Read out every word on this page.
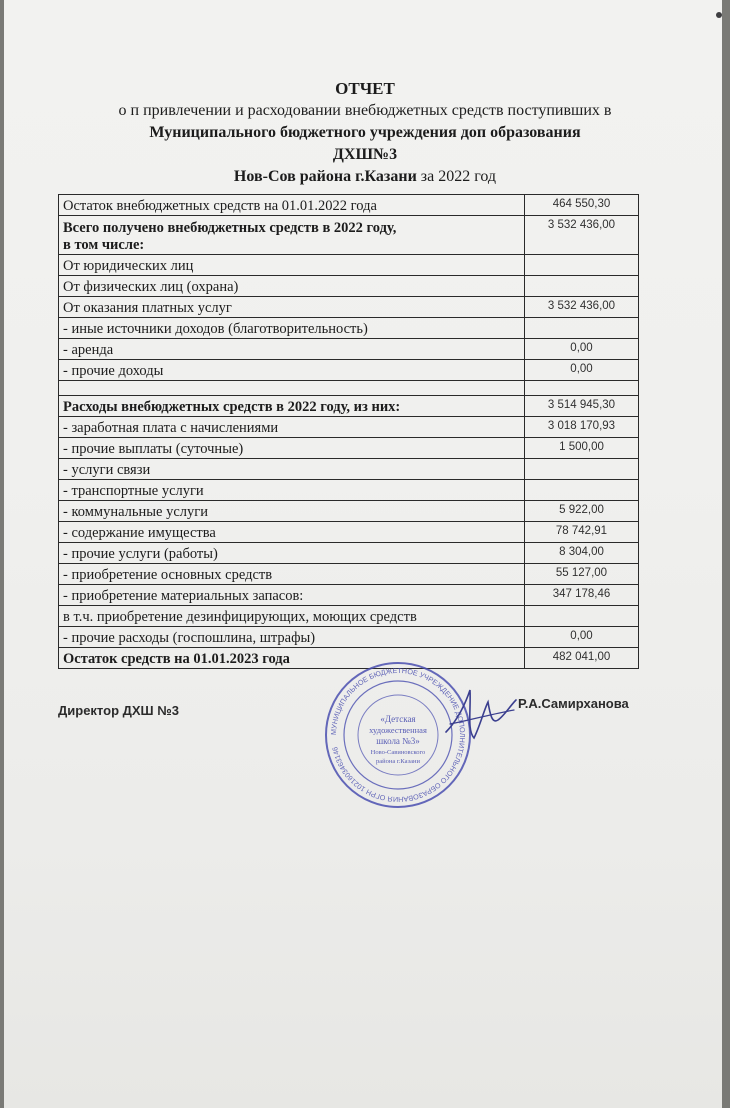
ОТЧЕТ
о п привлечении и расходовании внебюджетных средств поступивших в
Муниципального бюджетного учреждения доп образования
ДХШ№3
Нов-Сов района г.Казани за 2022 год
Остаток внебюджетных средств на 01.01.2022 года	464 550,30
Всего получено внебюджетных средств в 2022 году,
в том числе:	3 532 436,00
От юридических лиц	
От физических лиц (охрана)	
От оказания платных услуг	3 532 436,00
- иные источники доходов (благотворительность)	
- аренда	0,00
- прочие доходы	0,00

Расходы внебюджетных средств в 2022 году, из них:	3 514 945,30
- заработная плата с начислениями	3 018 170,93
- прочие выплаты (суточные)	1 500,00
- услуги связи	
- транспортные услуги	
- коммунальные услуги	5 922,00
- содержание имущества	78 742,91
- прочие услуги (работы)	8 304,00
- приобретение основных средств	55 127,00
- приобретение материальных запасов:	347 178,46
в т.ч. приобретение дезинфицирующих, моющих средств	
- прочие расходы (госпошлина, штрафы)	0,00
Остаток средств на 01.01.2023 года	482 041,00
Директор ДХШ №3	Р.А.Самирханова
МУНИЦИПАЛЬНОЕ БЮДЖЕТНОЕ УЧРЕЖДЕНИЕ ДОПОЛНИТЕЛЬНОГО ОБРАЗОВАНИЯ ОГРН 1021603463146
«Детская
художественная
школа №3»
Ново-Савиновского
района г.Казани
